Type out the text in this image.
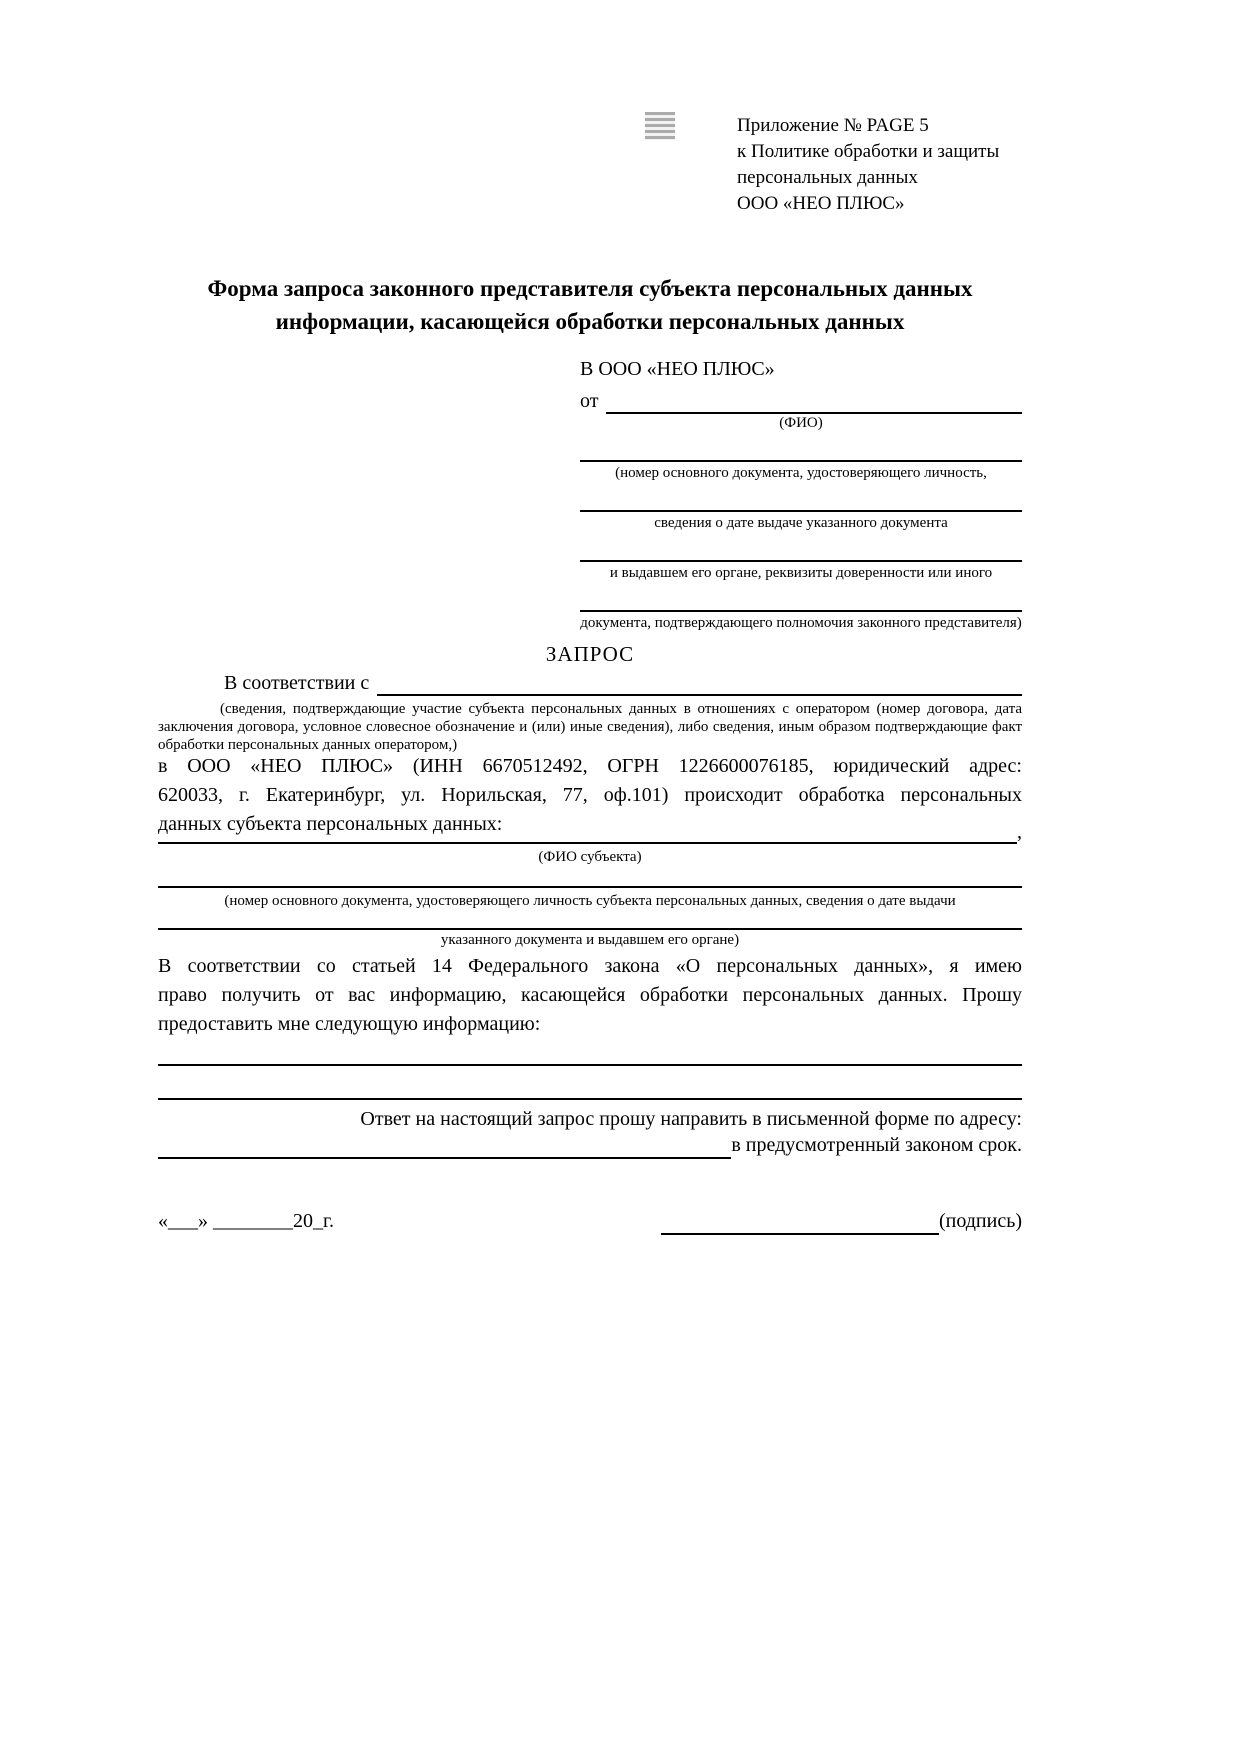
Приложение № PAGE 5
к Политике обработки и защиты
персональных данных
ООО «НЕО ПЛЮС»
Форма запроса законного представителя субъекта персональных данных информации, касающейся обработки персональных данных
В ООО «НЕО ПЛЮС»
от
(ФИО)
(номер основного документа, удостоверяющего личность,
сведения о дате выдаче указанного документа
и выдавшем его органе, реквизиты доверенности или иного
документа, подтверждающего полномочия законного представителя)
ЗАПРОС
В соответствии с
(сведения, подтверждающие участие субъекта персональных данных в отношениях с оператором (номер договора, дата
заключения договора, условное словесное обозначение и (или) иные сведения), либо сведения, иным образом подтверждающие факт
обработки персональных данных оператором,)
в ООО «НЕО ПЛЮС» (ИНН 6670512492, ОГРН 1226600076185, юридический адрес:
620033, г. Екатеринбург, ул. Норильская, 77, оф.101) происходит обработка персональных
данных субъекта персональных данных:	,
(ФИО субъекта)
(номер основного документа, удостоверяющего личность субъекта персональных данных, сведения о дате выдачи
указанного документа и выдавшем его органе)
В соответствии со статьей 14 Федерального закона «О персональных данных», я имею
право получить от вас информацию, касающейся обработки персональных данных. Прошу
предоставить мне следующую информацию:
Ответ на настоящий запрос прошу направить в письменной форме по адресу:
в предусмотренный законом срок.
«___» ________20_г.	(подпись)
